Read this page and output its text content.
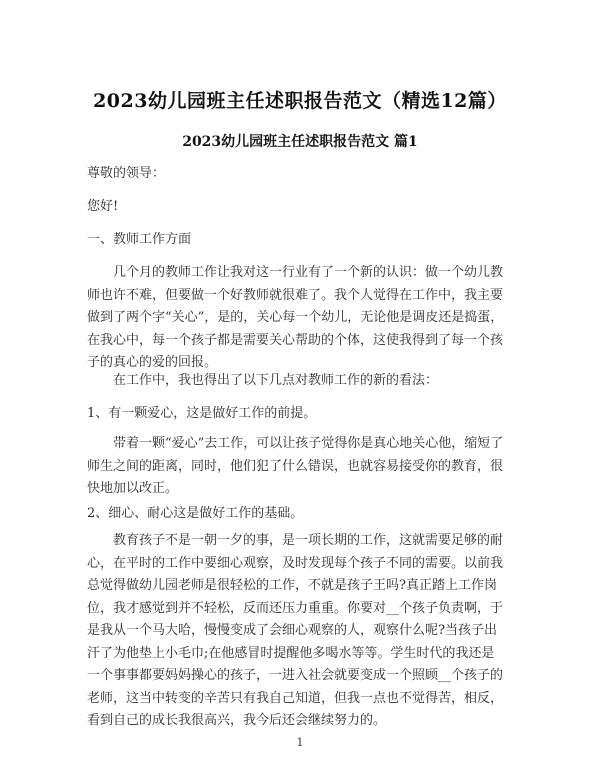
2023幼儿园班主任述职报告范文（精选12篇）
2023幼儿园班主任述职报告范文 篇1

尊敬的领导：

您好!

一、教师工作方面

几个月的教师工作让我对这一行业有了一个新的认识：做一个幼儿教师也许不难，但要做一个好教师就很难了。我个人觉得在工作中，我主要做到了两个字“关心”，是的，关心每一个幼儿，无论他是调皮还是捣蛋，在我心中，每一个孩子都是需要关心帮助的个体，这使我得到了每一个孩子的真心的爱的回报。

在工作中，我也得出了以下几点对教师工作的新的看法：

1、有一颗爱心，这是做好工作的前提。

带着一颗“爱心”去工作，可以让孩子觉得你是真心地关心他，缩短了师生之间的距离，同时，他们犯了什么错误，也就容易接受你的教育，很快地加以改正。

2、细心、耐心这是做好工作的基础。

教育孩子不是一朝一夕的事，是一项长期的工作，这就需要足够的耐心，在平时的工作中要细心观察，及时发现每个孩子不同的需要。以前我总觉得做幼儿园老师是很轻松的工作，不就是孩子王吗?真正踏上工作岗位，我才感觉到并不轻松，反而还压力重重。你要对__个孩子负责啊，于是我从一个马大哈，慢慢变成了会细心观察的人，观察什么呢?当孩子出汗了为他垫上小毛巾;在他感冒时提醒他多喝水等等。学生时代的我还是一个事事都要妈妈操心的孩子，一进入社会就要变成一个照顾__个孩子的老师，这当中转变的辛苦只有我自己知道，但我一点也不觉得苦，相反，看到自己的成长我很高兴，我今后还会继续努力的。

1
